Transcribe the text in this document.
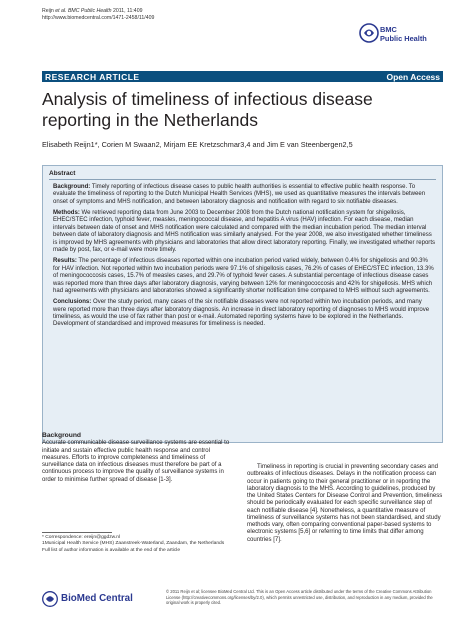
Reijn et al. BMC Public Health 2011, 11:409
http://www.biomedcentral.com/1471-2458/11/409
BMC
Public Health
RESEARCH ARTICLE	Open Access
Analysis of timeliness of infectious disease reporting in the Netherlands
Elisabeth Reijn1*, Corien M Swaan2, Mirjam EE Kretzschmar3,4 and Jim E van Steenbergen2,5
Abstract

Background: Timely reporting of infectious disease cases to public health authorities is essential to effective public health response. To evaluate the timeliness of reporting to the Dutch Municipal Health Services (MHS), we used as quantitative measures the intervals between onset of symptoms and MHS notification, and between laboratory diagnosis and notification with regard to six notifiable diseases.

Methods: We retrieved reporting data from June 2003 to December 2008 from the Dutch national notification system for shigellosis, EHEC/STEC infection, typhoid fever, measles, meningococcal disease, and hepatitis A virus (HAV) infection. For each disease, median intervals between date of onset and MHS notification were calculated and compared with the median incubation period. The median interval between date of laboratory diagnosis and MHS notification was similarly analysed. For the year 2008, we also investigated whether timeliness is improved by MHS agreements with physicians and laboratories that allow direct laboratory reporting. Finally, we investigated whether reports made by post, fax, or e-mail were more timely.

Results: The percentage of infectious diseases reported within one incubation period varied widely, between 0.4% for shigellosis and 90.3% for HAV infection. Not reported within two incubation periods were 97.1% of shigellosis cases, 76.2% of cases of EHEC/STEC infection, 13.3% of meningococcosis cases, 15.7% of measles cases, and 29.7% of typhoid fever cases. A substantial percentage of infectious disease cases was reported more than three days after laboratory diagnosis, varying between 12% for meningococcosis and 42% for shigellosis. MHS which had agreements with physicians and laboratories showed a significantly shorter notification time compared to MHS without such agreements.

Conclusions: Over the study period, many cases of the six notifiable diseases were not reported within two incubation periods, and many were reported more than three days after laboratory diagnosis. An increase in direct laboratory reporting of diagnoses to MHS would improve timeliness, as would the use of fax rather than post or e-mail. Automated reporting systems have to be explored in the Netherlands. Development of standardised and improved measures for timeliness is needed.

Background

Accurate communicable disease surveillance systems are essential to initiate and sustain effective public health response and control measures. Efforts to improve completeness and timeliness of surveillance data on infectious diseases must therefore be part of a continuous process to improve the quality of surveillance systems in order to minimise further spread of disease [1-3].

Timeliness in reporting is crucial in preventing secondary cases and outbreaks of infectious diseases. Delays in the notification process can occur in patients going to their general practitioner or in reporting the laboratory diagnosis to the MHS. According to guidelines, produced by the United States Centers for Disease Control and Prevention, timeliness should be periodically evaluated for each specific surveillance step of each notifiable disease [4]. Nonetheless, a quantitative measure of timeliness of surveillance systems has not been standardised, and study methods vary, often comparing conventional paper-based systems to electronic systems [5,6] or referring to time limits that differ among countries [7].

* Correspondence: ereijn@ggdzw.nl
1Municipal Health Service (MHS) Zaanstreek-Waterland, Zaandam, the Netherlands
Full list of author information is available at the end of the article
BioMed Central
© 2011 Reijn et al; licensee BioMed Central Ltd. This is an Open Access article distributed under the terms of the Creative Commons Attribution License (http://creativecommons.org/licenses/by/2.0), which permits unrestricted use, distribution, and reproduction in any medium, provided the original work is properly cited.
